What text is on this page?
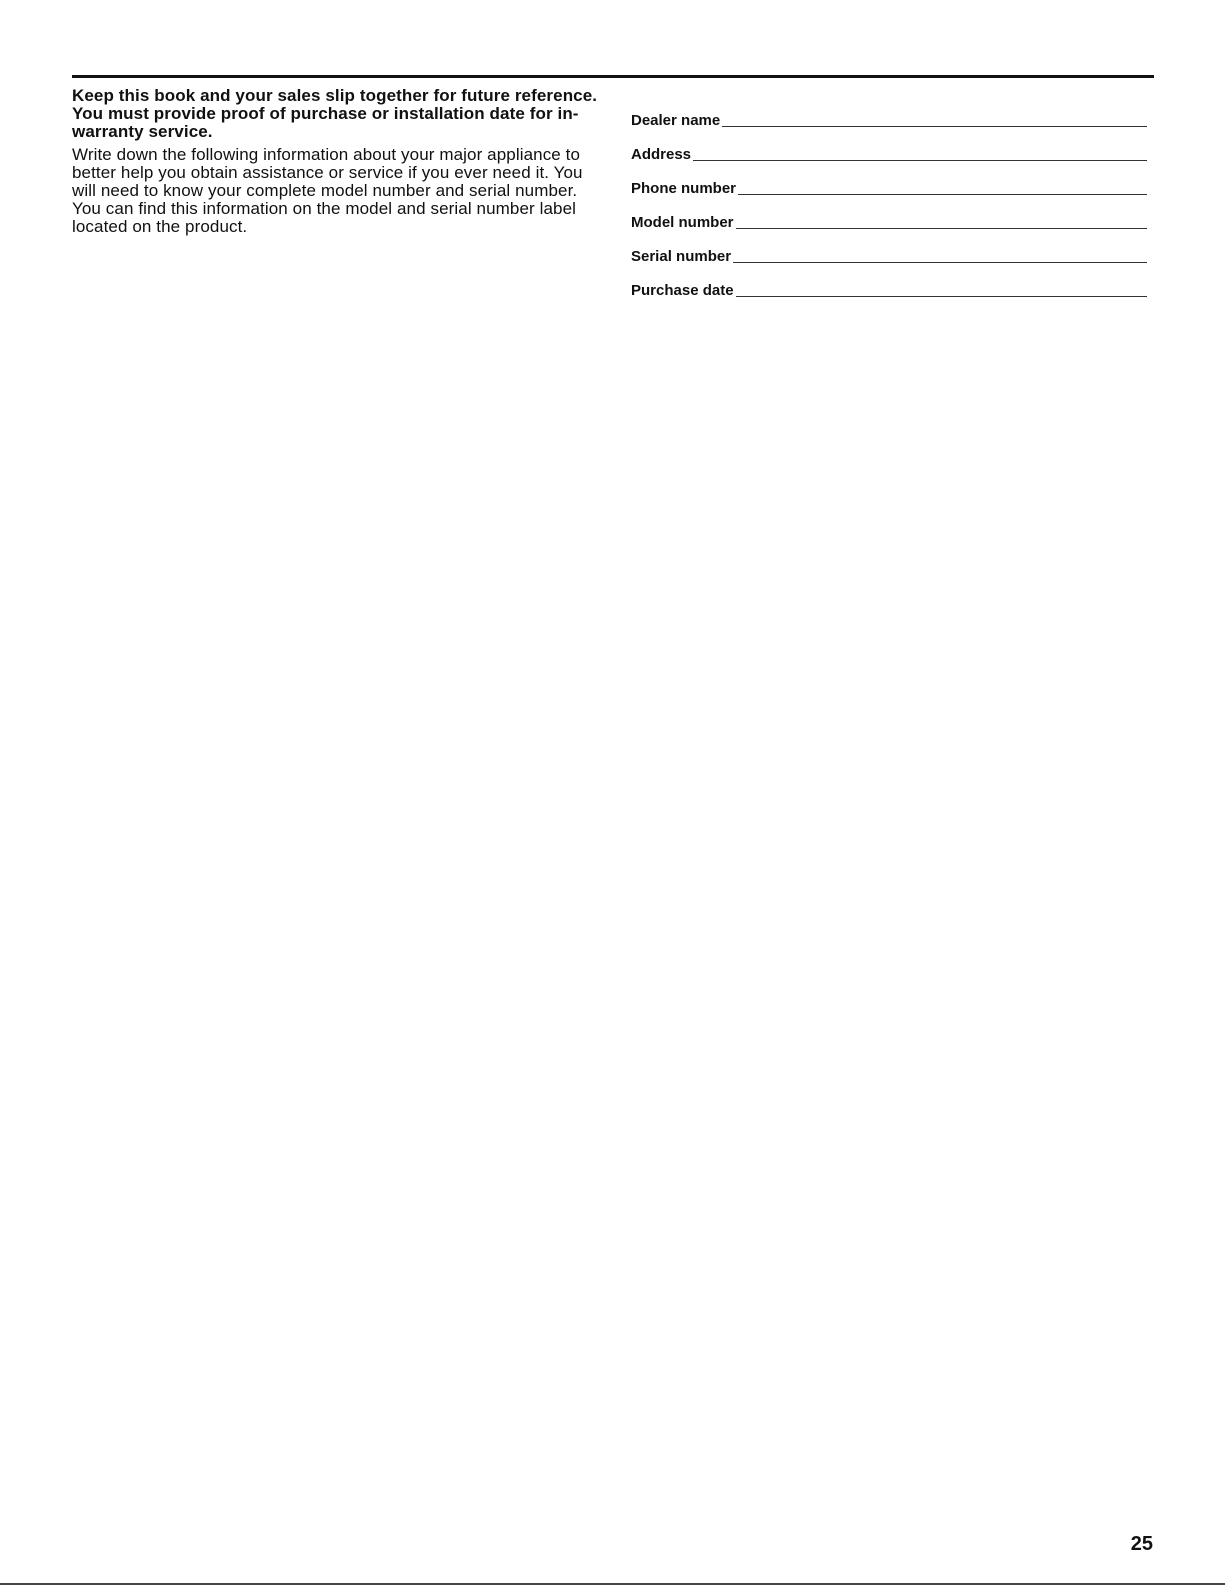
Keep this book and your sales slip together for future reference. You must provide proof of purchase or installation date for in-warranty service.

Write down the following information about your major appliance to better help you obtain assistance or service if you ever need it. You will need to know your complete model number and serial number. You can find this information on the model and serial number label located on the product.

Dealer name
Address
Phone number
Model number
Serial number
Purchase date
25
